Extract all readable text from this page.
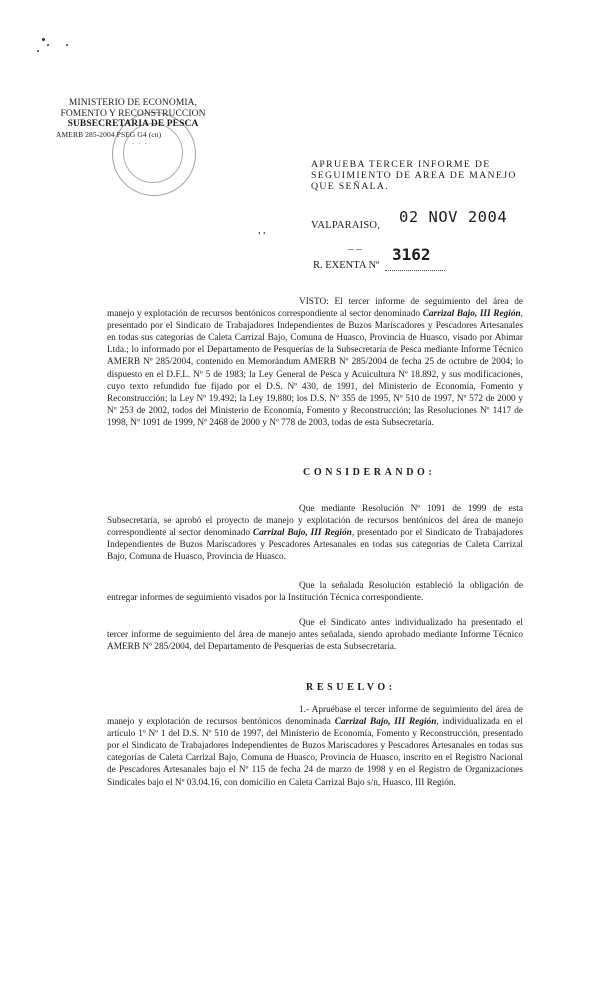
· · ·
MINISTERIO DE ECONOMIA,
FOMENTO Y RECONSTRUCCION
SUBSECRETARIA DE PESCA
AMERB 285-2004 PSEG G4 (cn)
APRUEBA TERCER INFORME DE
SEGUIMIENTO DE AREA DE MANEJO
QUE SEÑALA.
, ,	VALPARAISO, 02 NOV 2004
– –
R. EXENTA Nº
3162

VISTO: El tercer informe de seguimiento del área de manejo y explotación de recursos bentónicos correspondiente al sector denominado Carrizal Bajo, III Región, presentado por el Sindicato de Trabajadores Independientes de Buzos Mariscadores y Pescadores Artesanales en todas sus categorías de Caleta Carrizal Bajo, Comuna de Huasco, Provincia de Huasco, visado por Abimar Ltda.; lo informado por el Departamento de Pesquerías de la Subsecretaría de Pesca mediante Informe Técnico AMERB Nº 285/2004, contenido en Memorándum AMERB Nº 285/2004 de fecha 25 de octubre de 2004; lo dispuesto en el D.F.L. Nº 5 de 1983; la Ley General de Pesca y Acuicultura Nº 18.892, y sus modificaciones, cuyo texto refundido fue fijado por el D.S. Nº 430, de 1991, del Ministerio de Economía, Fomento y Reconstrucción; la Ley Nº 19.492; la Ley 19.880; los D.S. Nº 355 de 1995, Nº 510 de 1997, Nº 572 de 2000 y Nº 253 de 2002, todos del Ministerio de Economía, Fomento y Reconstrucción; las Resoluciones Nº 1417 de 1998, Nº 1091 de 1999, Nº 2468 de 2000 y Nº 778 de 2003, todas de esta Subsecretaría.

CONSIDERANDO:

Que mediante Resolución Nº 1091 de 1999 de esta Subsecretaría, se aprobó el proyecto de manejo y explotación de recursos bentónicos del área de manejo correspondiente al sector denominado Carrizal Bajo, III Región, presentado por el Sindicato de Trabajadores Independientes de Buzos Mariscadores y Pescadores Artesanales en todas sus categorías de Caleta Carrizal Bajo, Comuna de Huasco, Provincia de Huasco.

Que la señalada Resolución estableció la obligación de entregar informes de seguimiento visados por la Institución Técnica correspondiente.

Que el Sindicato antes individualizado ha presentado el tercer informe de seguimiento del área de manejo antes señalada, siendo aprobado mediante Informe Técnico AMERB Nº 285/2004, del Departamento de Pesquerías de esta Subsecretaría.

RESUELVO:

1.- Apruébase el tercer informe de seguimiento del área de manejo y explotación de recursos bentónicos denominada Carrizal Bajo, III Región, individualizada en el artículo 1º Nº 1 del D.S. Nº 510 de 1997, del Ministerio de Economía, Fomento y Reconstrucción, presentado por el Sindicato de Trabajadores Independientes de Buzos Mariscadores y Pescadores Artesanales en todas sus categorías de Caleta Carrizal Bajo, Comuna de Huasco, Provincia de Huasco, inscrito en el Registro Nacional de Pescadores Artesanales bajo el Nº 115 de fecha 24 de marzo de 1998 y en el Registro de Organizaciones Sindicales bajo el Nº 03.04.16, con domicilio en Caleta Carrizal Bajo s/n, Huasco, III Región.
